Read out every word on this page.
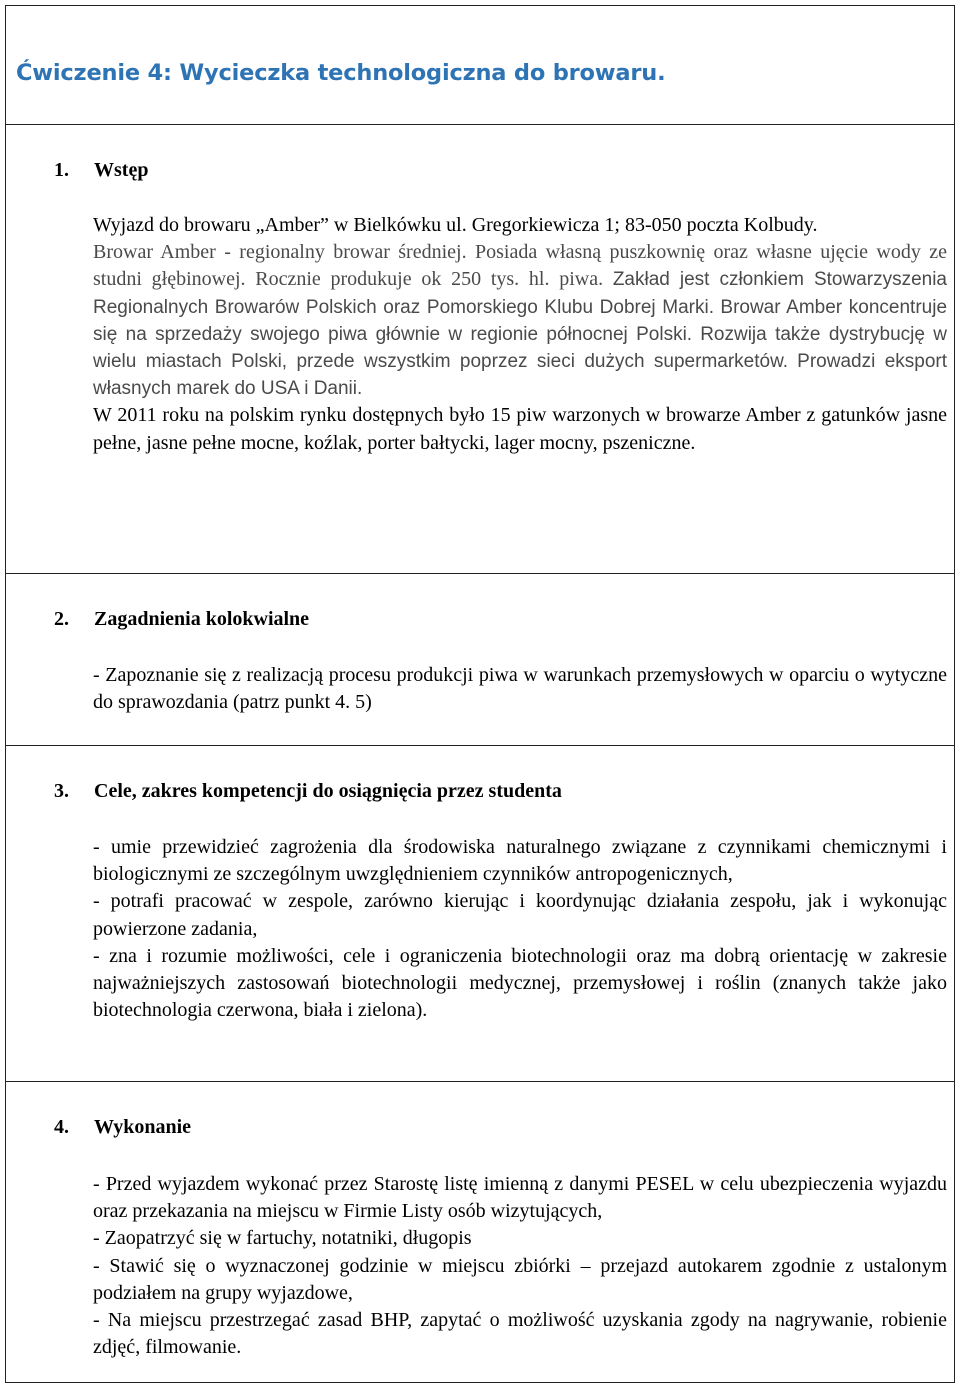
Ćwiczenie 4: Wycieczka technologiczna do browaru.
1. Wstęp

Wyjazd do browaru „Amber” w Bielkówku ul. Gregorkiewicza 1; 83-050 poczta Kolbudy.

Browar Amber - regionalny browar średniej. Posiada własną puszkownię oraz własne ujęcie wody ze studni głębinowej. Rocznie produkuje ok 250 tys. hl. piwa. Zakład jest członkiem Stowarzyszenia Regionalnych Browarów Polskich oraz Pomorskiego Klubu Dobrej Marki. Browar Amber koncentruje się na sprzedaży swojego piwa głównie w regionie północnej Polski. Rozwija także dystrybucję w wielu miastach Polski, przede wszystkim poprzez sieci dużych supermarketów. Prowadzi eksport własnych marek do USA i Danii.

W 2011 roku na polskim rynku dostępnych było 15 piw warzonych w browarze Amber z gatunków jasne pełne, jasne pełne mocne, koźlak, porter bałtycki, lager mocny, pszeniczne.

2. Zagadnienia kolokwialne

- Zapoznanie się z realizacją procesu produkcji piwa w warunkach przemysłowych w oparciu o wytyczne do sprawozdania (patrz punkt 4. 5)

3. Cele, zakres kompetencji do osiągnięcia przez studenta

- umie przewidzieć zagrożenia dla środowiska naturalnego związane z czynnikami chemicznymi i biologicznymi ze szczególnym uwzględnieniem czynników antropogenicznych,

- potrafi pracować w zespole, zarówno kierując i koordynując działania zespołu, jak i wykonując powierzone zadania,

- zna i rozumie możliwości, cele i ograniczenia biotechnologii oraz ma dobrą orientację w zakresie najważniejszych zastosowań biotechnologii medycznej, przemysłowej i roślin (znanych także jako biotechnologia czerwona, biała i zielona).

4. Wykonanie

- Przed wyjazdem wykonać przez Starostę listę imienną z danymi PESEL w celu ubezpieczenia wyjazdu oraz przekazania na miejscu w Firmie Listy osób wizytujących,

- Zaopatrzyć się w fartuchy, notatniki, długopis

- Stawić się o wyznaczonej godzinie w miejscu zbiórki – przejazd autokarem zgodnie z ustalonym podziałem na grupy wyjazdowe,

- Na miejscu przestrzegać zasad BHP, zapytać o możliwość uzyskania zgody na nagrywanie, robienie zdjęć, filmowanie.
